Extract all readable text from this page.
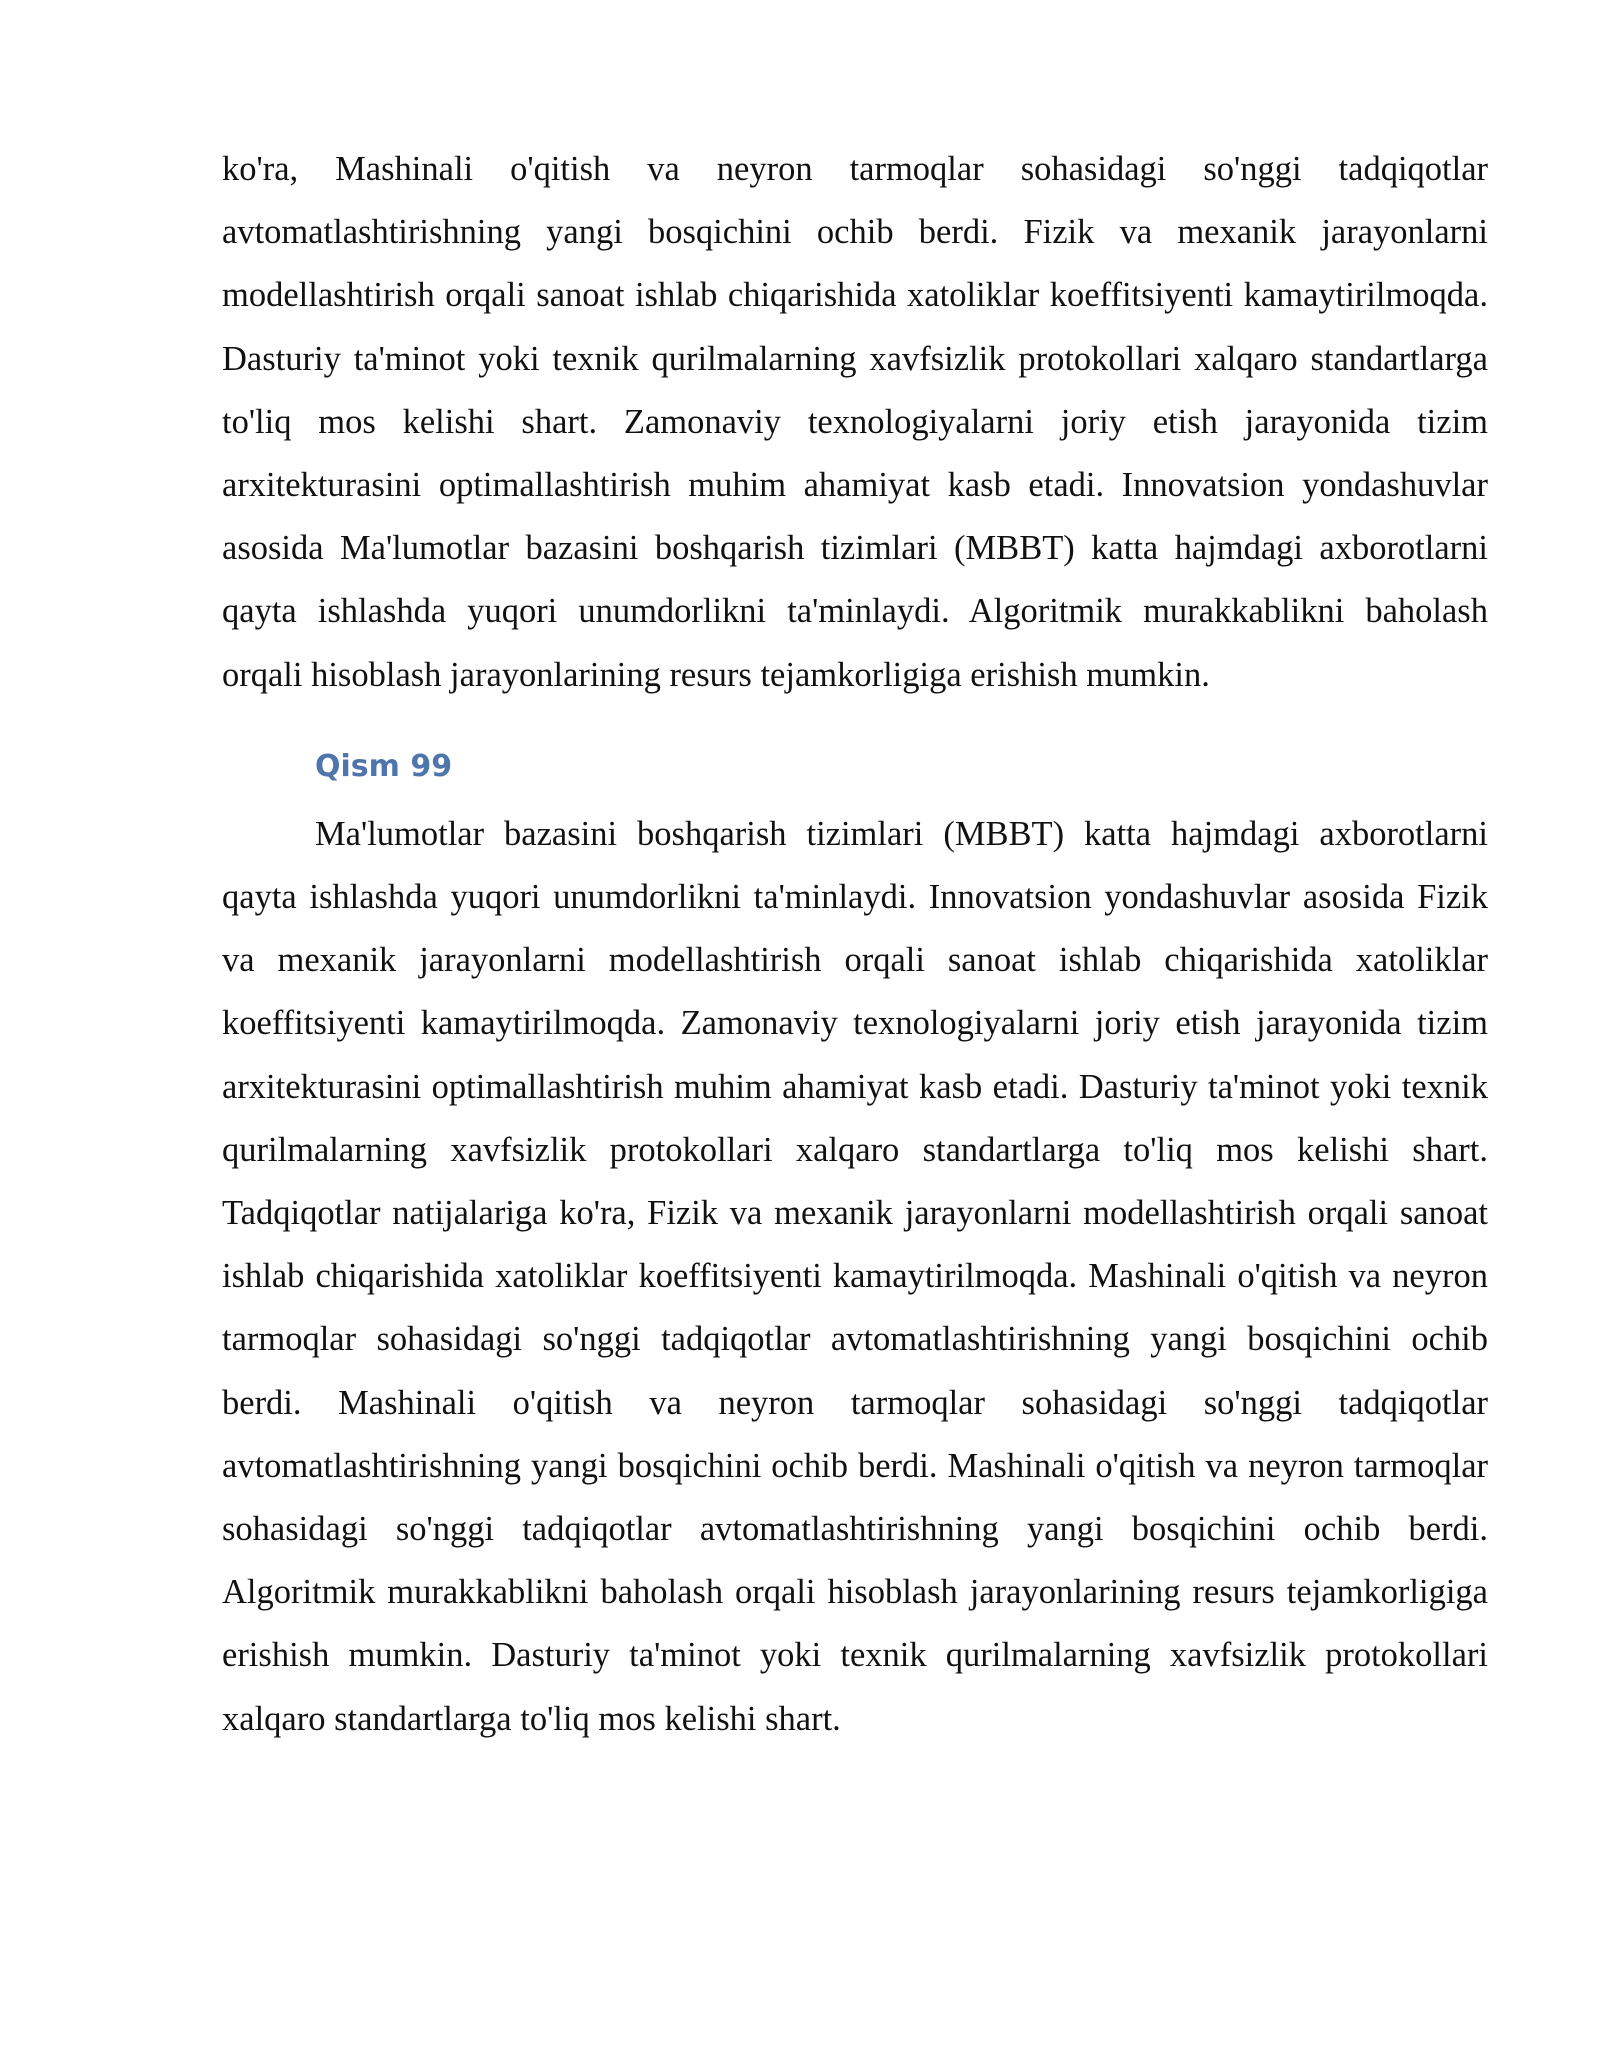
ko'ra, Mashinali o'qitish va neyron tarmoqlar sohasidagi so'nggi tadqiqotlar avtomatlashtirishning yangi bosqichini ochib berdi. Fizik va mexanik jarayonlarni modellashtirish orqali sanoat ishlab chiqarishida xatoliklar koeffitsiyenti kamaytirilmoqda. Dasturiy ta'minot yoki texnik qurilmalarning xavfsizlik protokollari xalqaro standartlarga to'liq mos kelishi shart. Zamonaviy texnologiyalarni joriy etish jarayonida tizim arxitekturasini optimallashtirish muhim ahamiyat kasb etadi. Innovatsion yondashuvlar asosida Ma'lumotlar bazasini boshqarish tizimlari (MBBT) katta hajmdagi axborotlarni qayta ishlashda yuqori unumdorlikni ta'minlaydi. Algoritmik murakkablikni baholash orqali hisoblash jarayonlarining resurs tejamkorligiga erishish mumkin.

Qism 99

Ma'lumotlar bazasini boshqarish tizimlari (MBBT) katta hajmdagi axborotlarni qayta ishlashda yuqori unumdorlikni ta'minlaydi. Innovatsion yondashuvlar asosida Fizik va mexanik jarayonlarni modellashtirish orqali sanoat ishlab chiqarishida xatoliklar koeffitsiyenti kamaytirilmoqda. Zamonaviy texnologiyalarni joriy etish jarayonida tizim arxitekturasini optimallashtirish muhim ahamiyat kasb etadi. Dasturiy ta'minot yoki texnik qurilmalarning xavfsizlik protokollari xalqaro standartlarga to'liq mos kelishi shart. Tadqiqotlar natijalariga ko'ra, Fizik va mexanik jarayonlarni modellashtirish orqali sanoat ishlab chiqarishida xatoliklar koeffitsiyenti kamaytirilmoqda. Mashinali o'qitish va neyron tarmoqlar sohasidagi so'nggi tadqiqotlar avtomatlashtirishning yangi bosqichini ochib berdi. Mashinali o'qitish va neyron tarmoqlar sohasidagi so'nggi tadqiqotlar avtomatlashtirishning yangi bosqichini ochib berdi. Mashinali o'qitish va neyron tarmoqlar sohasidagi so'nggi tadqiqotlar avtomatlashtirishning yangi bosqichini ochib berdi. Algoritmik murakkablikni baholash orqali hisoblash jarayonlarining resurs tejamkorligiga erishish mumkin. Dasturiy ta'minot yoki texnik qurilmalarning xavfsizlik protokollari xalqaro standartlarga to'liq mos kelishi shart.
